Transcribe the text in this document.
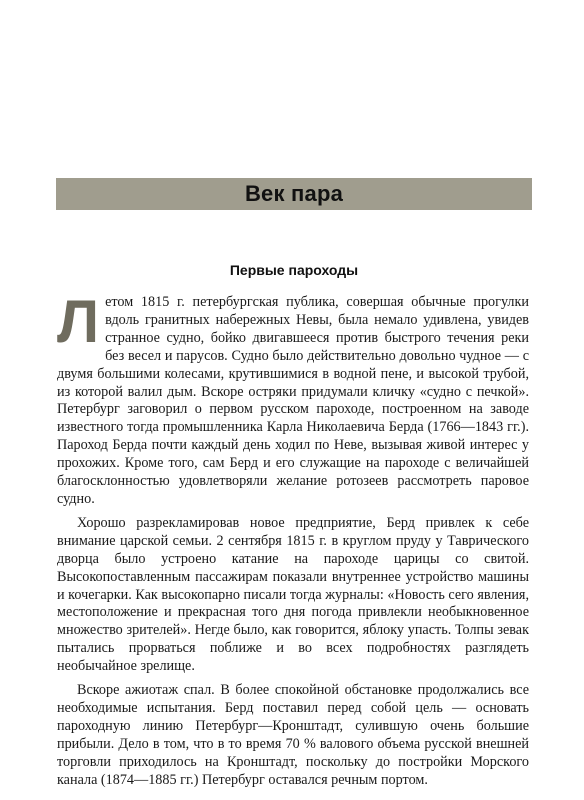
Век пара
Первые пароходы

Летом 1815 г. петербургская публика, совершая обычные прогулки вдоль гранитных набережных Невы, была немало удивлена, увидев странное судно, бойко двигавшееся против быстрого течения реки без весел и парусов. Судно было действительно довольно чудное — с двумя большими колесами, крутившимися в водной пене, и высокой трубой, из которой валил дым. Вскоре остряки придумали кличку «судно с печкой». Петербург заговорил о первом русском пароходе, построенном на заводе известного тогда промышленника Карла Николаевича Берда (1766—1843 гг.). Пароход Берда почти каждый день ходил по Неве, вызывая живой интерес у прохожих. Кроме того, сам Берд и его служащие на пароходе с величайшей благосклонностью удовлетворяли желание ротозеев рассмотреть паровое судно.

Хорошо разрекламировав новое предприятие, Берд привлек к себе внимание царской семьи. 2 сентября 1815 г. в круглом пруду у Таврического дворца было устроено катание на пароходе царицы со свитой. Высокопоставленным пассажирам показали внутреннее устройство машины и кочегарки. Как высокопарно писали тогда журналы: «Новость сего явления, местоположение и прекрасная того дня погода привлекли необыкновенное множество зрителей». Негде было, как говорится, яблоку упасть. Толпы зевак пытались прорваться поближе и во всех подробностях разглядеть необычайное зрелище.

Вскоре ажиотаж спал. В более спокойной обстановке продолжались все необходимые испытания. Берд поставил перед собой цель — основать пароходную линию Петербург—Кронштадт, сулившую очень большие прибыли. Дело в том, что в то время 70 % валового объема русской внешней торговли приходилось на Кронштадт, поскольку до постройки Морского канала (1874—1885 гг.) Петербург оставался речным портом.
